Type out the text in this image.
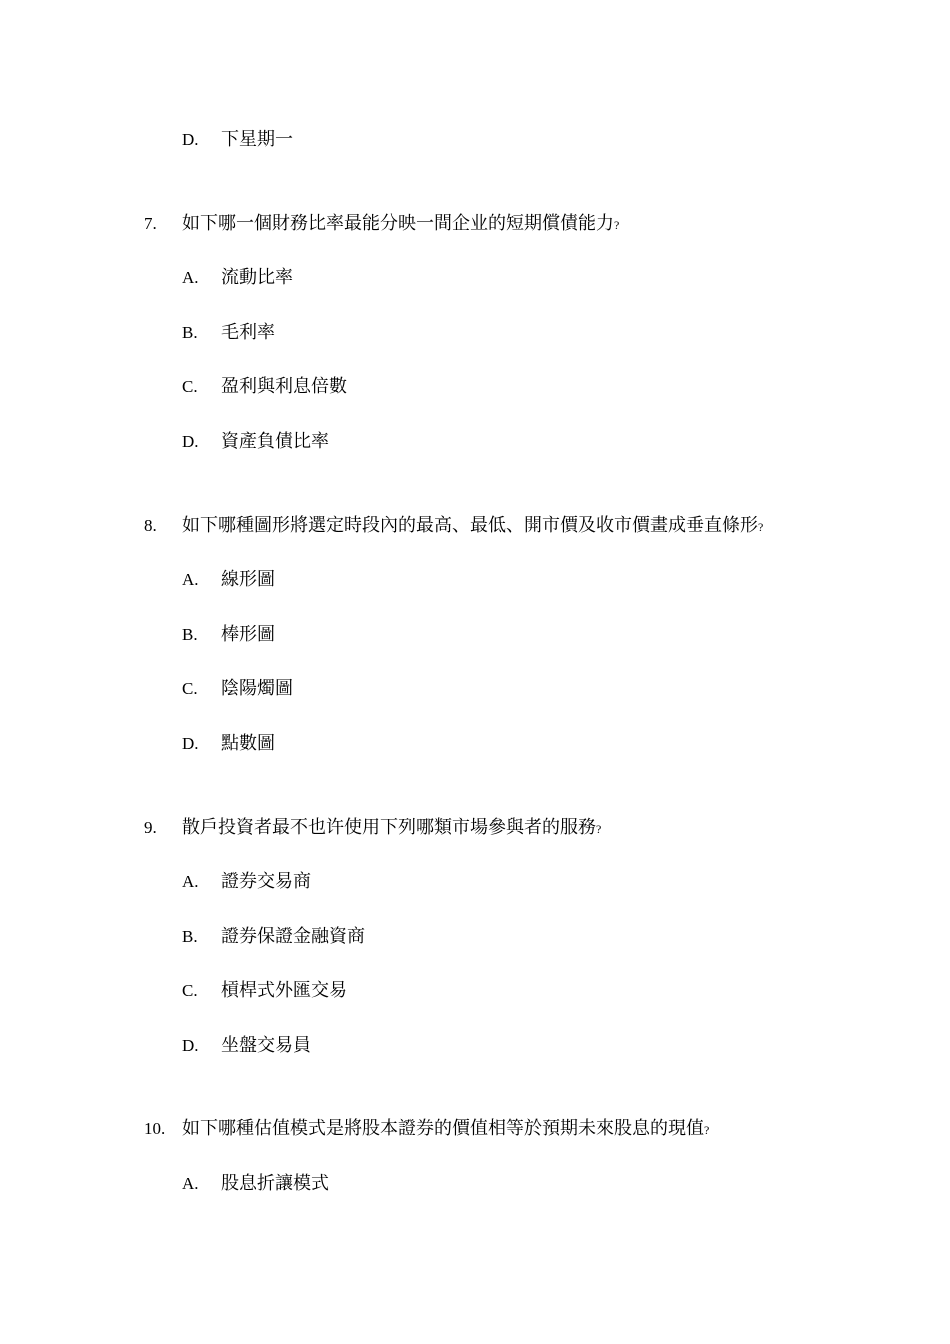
D. 下星期一
7. 如下哪一個財務比率最能分映一間企业的短期償債能力?
A. 流動比率
B. 毛利率
C. 盈利與利息倍數
D. 資產負債比率
8. 如下哪種圖形將選定時段內的最高、最低、開市價及收市價畫成垂直條形?
A. 線形圖
B. 棒形圖
C. 陰陽燭圖
D. 點數圖
9. 散戶投資者最不也许使用下列哪類市場參與者的服務?
A. 證券交易商
B. 證券保證金融資商
C. 槓桿式外匯交易
D. 坐盤交易員
10. 如下哪種估值模式是將股本證券的價值相等於預期未來股息的現值?
A. 股息折讓模式
